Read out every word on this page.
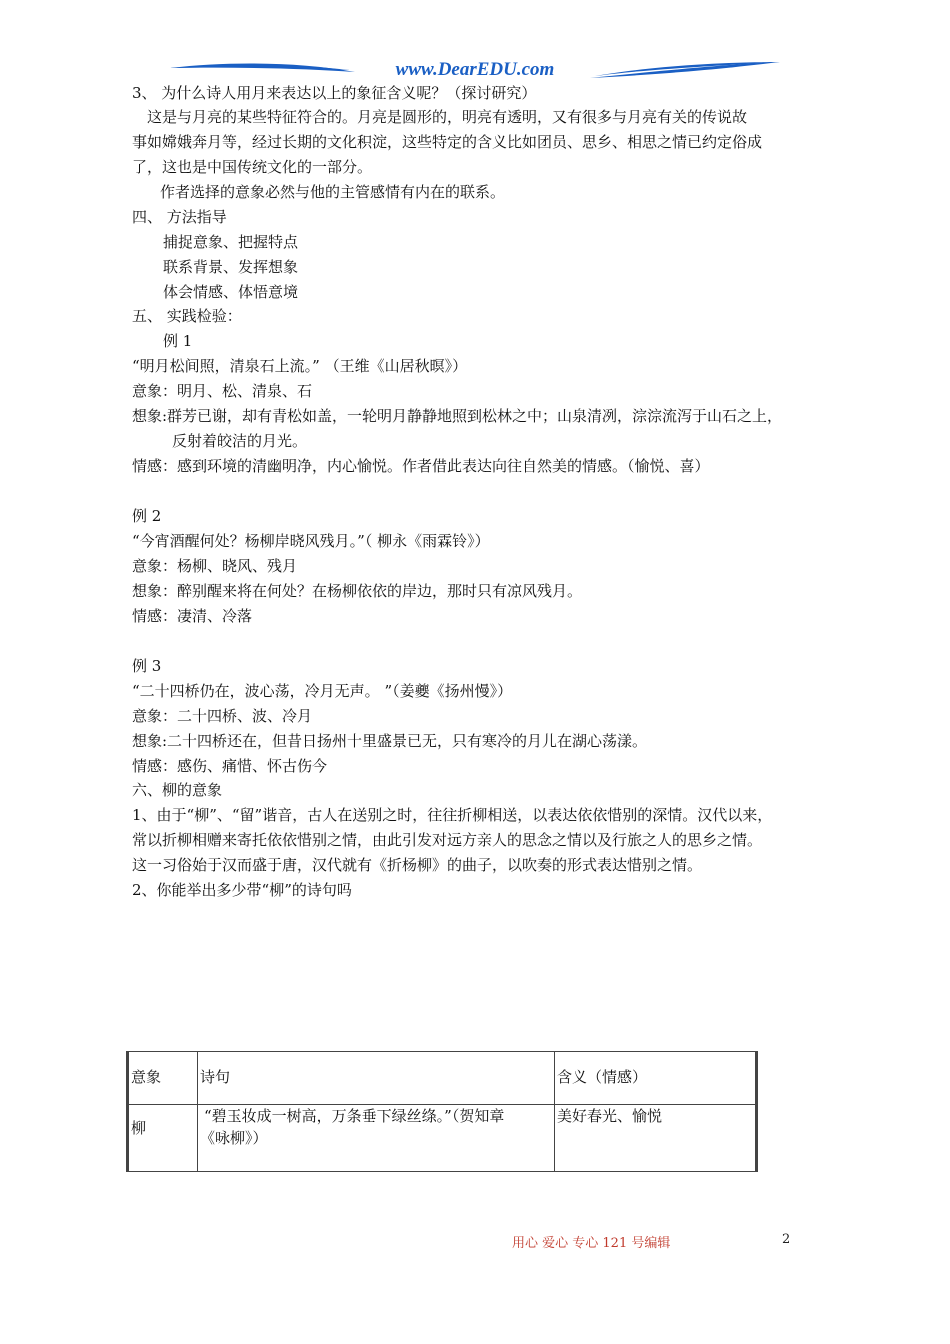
www.DearEDU.com
3、 为什么诗人用月来表达以上的象征含义呢？（探讨研究）
这是与月亮的某些特征符合的。月亮是圆形的，明亮有透明，又有很多与月亮有关的传说故
事如嫦娥奔月等，经过长期的文化积淀，这些特定的含义比如团员、思乡、相思之情已约定俗成
了，这也是中国传统文化的一部分。
作者选择的意象必然与他的主管感情有内在的联系。
四、 方法指导
捕捉意象、把握特点
联系背景、发挥想象
体会情感、体悟意境
五、 实践检验：
例 1
“明月松间照，清泉石上流。” （王维《山居秋暝》）
意象：明月、松、清泉、石
想象:群芳已谢，却有青松如盖，一轮明月静静地照到松林之中；山泉清冽，淙淙流泻于山石之上，
反射着皎洁的月光。
情感：感到环境的清幽明净，内心愉悦。作者借此表达向往自然美的情感。（愉悦、喜）
例 2
“今宵酒醒何处？杨柳岸晓风残月。”（ 柳永《雨霖铃》）
意象：杨柳、晓风、残月
想象：醉别醒来将在何处？在杨柳依依的岸边，那时只有凉风残月。
情感：凄清、冷落
例 3
“二十四桥仍在，波心荡，冷月无声。 ”（姜夔《扬州慢》）
意象：二十四桥、波、冷月
想象:二十四桥还在，但昔日扬州十里盛景已无，只有寒冷的月儿在湖心荡漾。
情感：感伤、痛惜、怀古伤今
六、柳的意象
1、由于“柳”、“留”谐音，古人在送别之时，往往折柳相送，以表达依依惜别的深情。汉代以来，
常以折柳相赠来寄托依依惜别之情，由此引发对远方亲人的思念之情以及行旅之人的思乡之情。
这一习俗始于汉而盛于唐，汉代就有《折杨柳》的曲子，以吹奏的形式表达惜别之情。
2、你能举出多少带“柳”的诗句吗
意象	诗句	含义（情感）

柳	“碧玉妆成一树高，万条垂下绿丝绦。”（贺知章
《咏柳》）	美好春光、愉悦
用心 爱心 专心 121 号编辑	2
